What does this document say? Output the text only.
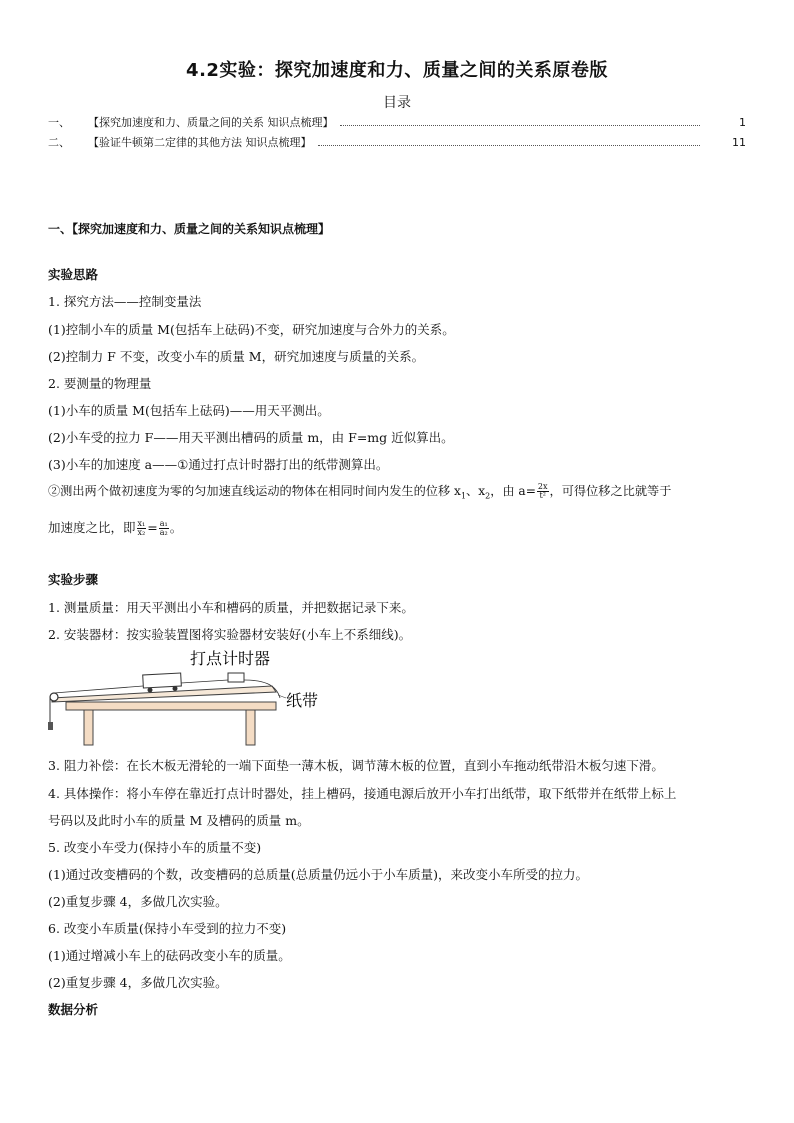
4.2实验：探究加速度和力、质量之间的关系原卷版
目录
一、	【探究加速度和力、质量之间的关系 知识点梳理】	1
二、	【验证牛顿第二定律的其他方法 知识点梳理】	11
一、【探究加速度和力、质量之间的关系知识点梳理】
实验思路
1. 探究方法——控制变量法
(1)控制小车的质量 M(包括车上砝码)不变，研究加速度与合外力的关系。
(2)控制力 F 不变，改变小车的质量 M，研究加速度与质量的关系。
2. 要测量的物理量
(1)小车的质量 M(包括车上砝码)——用天平测出。
(2)小车受的拉力 F——用天平测出槽码的质量 m，由 F=mg 近似算出。
(3)小车的加速度 a——①通过打点计时器打出的纸带测算出。
②测出两个做初速度为零的匀加速直线运动的物体在相同时间内发生的位移 $x_1$、$x_2$，由 $a= \frac{2x}{\text{t²}}$ ，可得位移之比就等于
加速度之比，即 $\frac{\text{x₁}}{\text{x₂}} = \frac{\text{a₁}}{\text{a₂}}$ 。
实验步骤
1. 测量质量：用天平测出小车和槽码的质量，并把数据记录下来。
2. 安装器材：按实验装置图将实验器材安装好(小车上不系细线)。
打点计时器
纸带
3. 阻力补偿：在长木板无滑轮的一端下面垫一薄木板，调节薄木板的位置，直到小车拖动纸带沿木板匀速下滑。
4. 具体操作：将小车停在靠近打点计时器处，挂上槽码，接通电源后放开小车打出纸带，取下纸带并在纸带上标上
号码以及此时小车的质量 M 及槽码的质量 m。
5. 改变小车受力(保持小车的质量不变)
(1)通过改变槽码的个数，改变槽码的总质量(总质量仍远小于小车质量)，来改变小车所受的拉力。
(2)重复步骤 4，多做几次实验。
6. 改变小车质量(保持小车受到的拉力不变)
(1)通过增减小车上的砝码改变小车的质量。
(2)重复步骤 4，多做几次实验。
数据分析
